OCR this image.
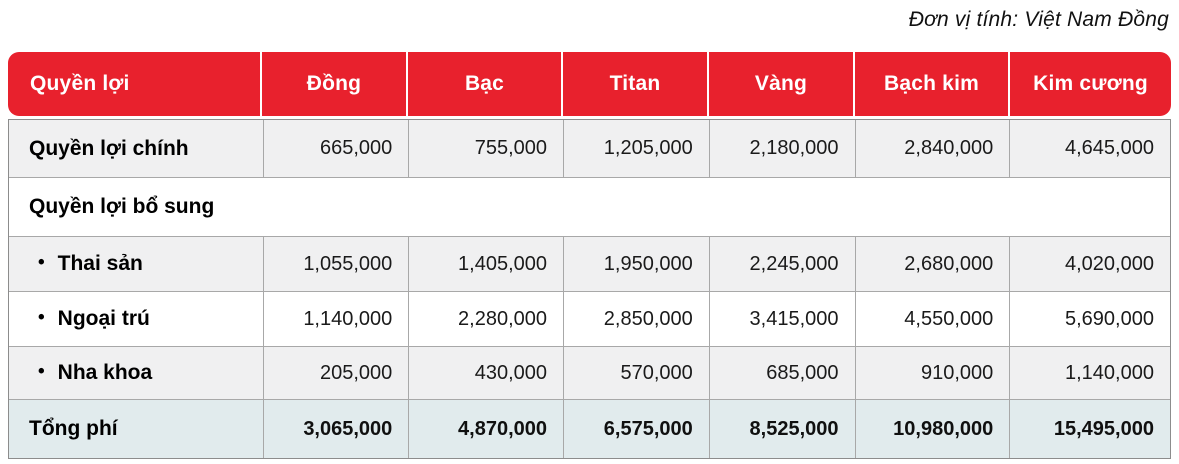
Đơn vị tính: Việt Nam Đồng
Quyền lợi	Đồng	Bạc	Titan	Vàng	Bạch kim	Kim cương
Quyền lợi chính	665,000	755,000	1,205,000	2,180,000	2,840,000	4,645,000
Quyền lợi bổ sung
• Thai sản	1,055,000	1,405,000	1,950,000	2,245,000	2,680,000	4,020,000
• Ngoại trú	1,140,000	2,280,000	2,850,000	3,415,000	4,550,000	5,690,000
• Nha khoa	205,000	430,000	570,000	685,000	910,000	1,140,000
Tổng phí	3,065,000	4,870,000	6,575,000	8,525,000	10,980,000	15,495,000
